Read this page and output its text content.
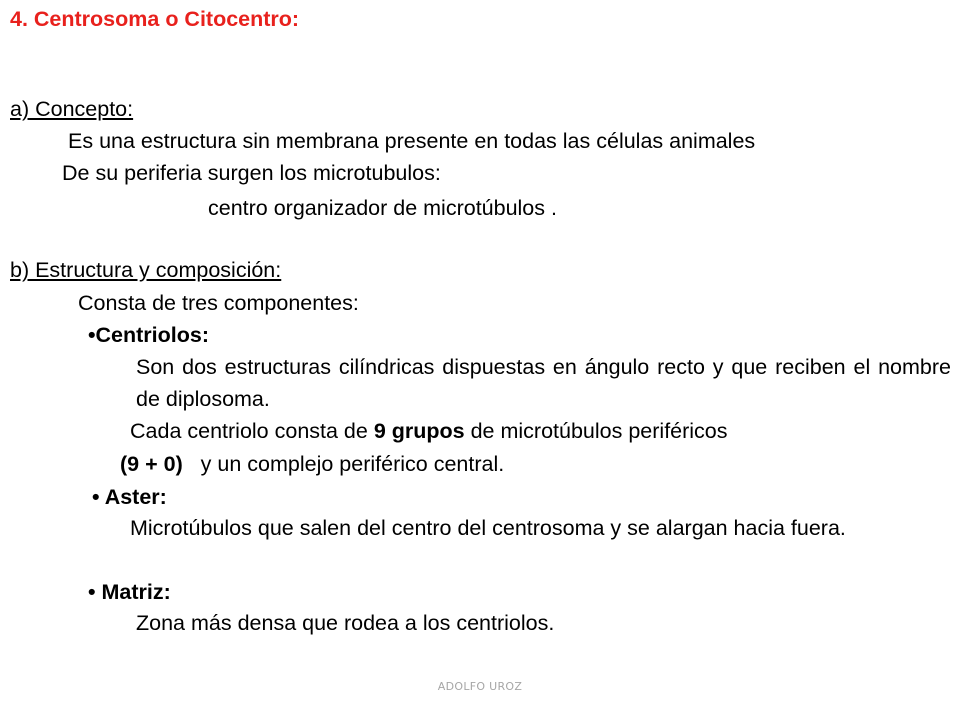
4. Centrosoma o Citocentro:
a) Concepto:
Es una estructura sin membrana presente en todas las células animales
De su periferia surgen los microtubulos:
centro organizador de microtúbulos .
b) Estructura y composición:
Consta de tres componentes:
•Centriolos:
Son dos estructuras cilíndricas dispuestas en ángulo recto y que reciben el nombre de diplosoma.
Cada centriolo consta de 9 grupos de microtúbulos periféricos
(9 + 0)   y un complejo periférico central.
• Aster:
Microtúbulos que salen del centro del centrosoma y se alargan hacia fuera.
• Matriz:
Zona más densa que rodea a los centriolos.
ADOLFO UROZ
